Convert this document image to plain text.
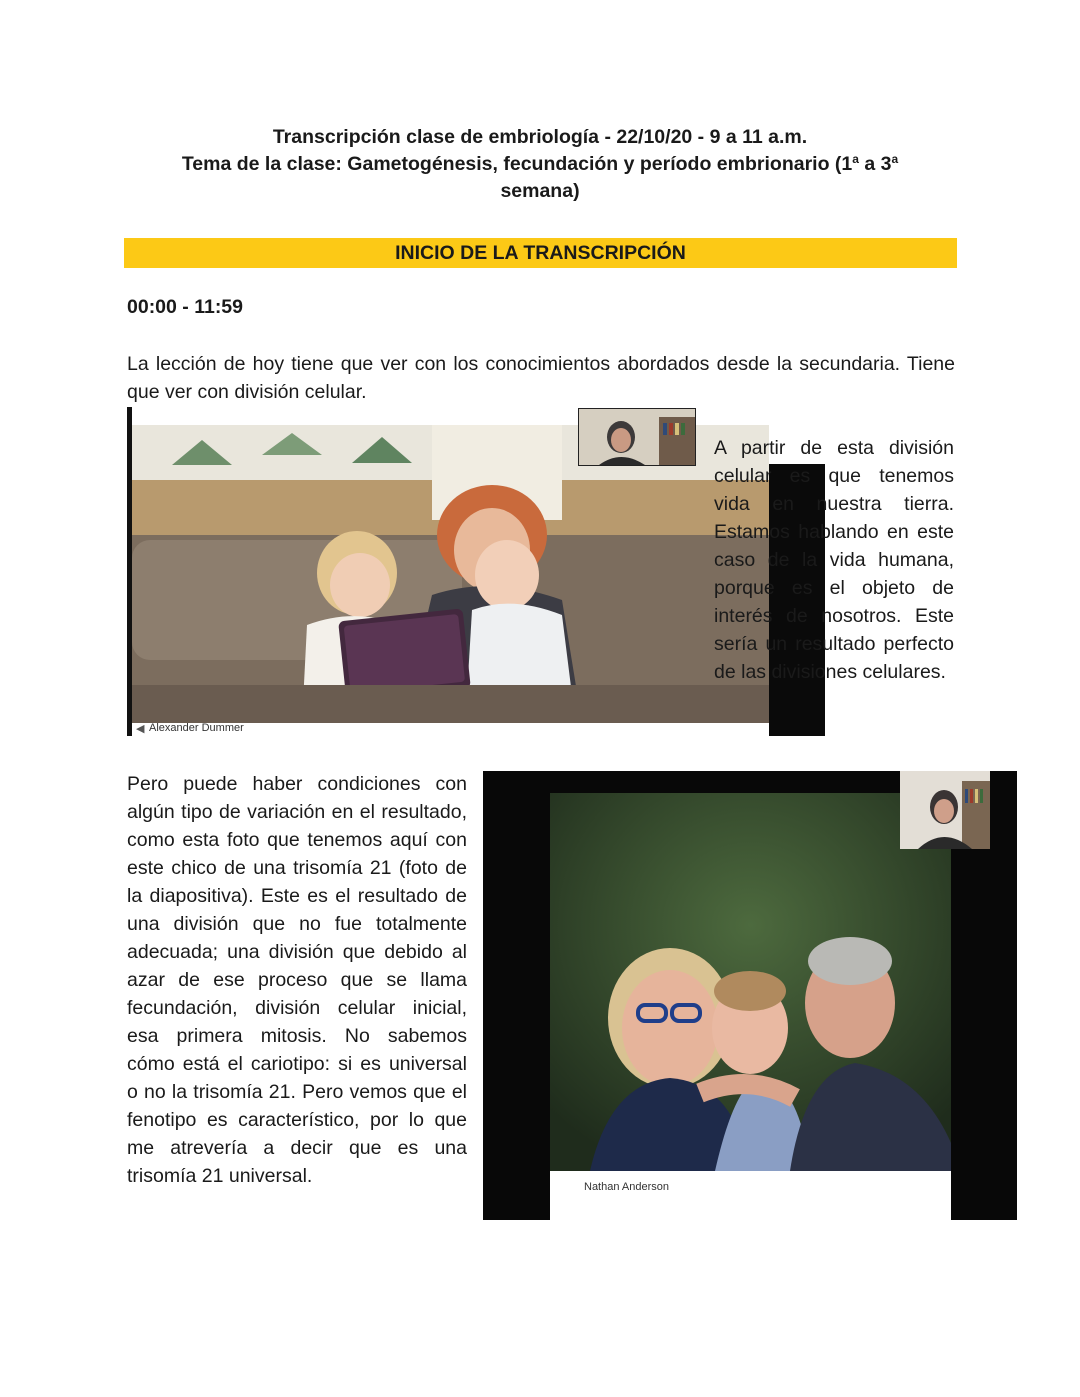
Transcripción clase de embriología - 22/10/20 - 9 a 11 a.m.
Tema de la clase: Gametogénesis, fecundación y período embrionario (1$^a$ a 3$^a$
semana)
INICIO DE LA TRANSCRIPCIÓN
00:00 - 11:59

La lección de hoy tiene que ver con los conocimientos abordados desde la secundaria. Tiene que ver con división celular.

◀ Alexander Dummer

A partir de esta división celular es que tenemos vida en nuestra tierra. Estamos hablando en este caso de la vida humana, porque es el objeto de interés de nosotros. Este sería un resultado perfecto de las divisiones celulares.

Pero puede haber condiciones con algún tipo de variación en el resultado, como esta foto que tenemos aquí con este chico de una trisomía 21 (foto de la diapositiva). Este es el resultado de una división que no fue totalmente adecuada; una división que debido al azar de ese proceso que se llama fecundación, división celular inicial, esa primera mitosis. No sabemos cómo está el cariotipo: si es universal o no la trisomía 21. Pero vemos que el fenotipo es característico, por lo que me atrevería a decir que es una trisomía 21 universal.	Nathan Anderson
